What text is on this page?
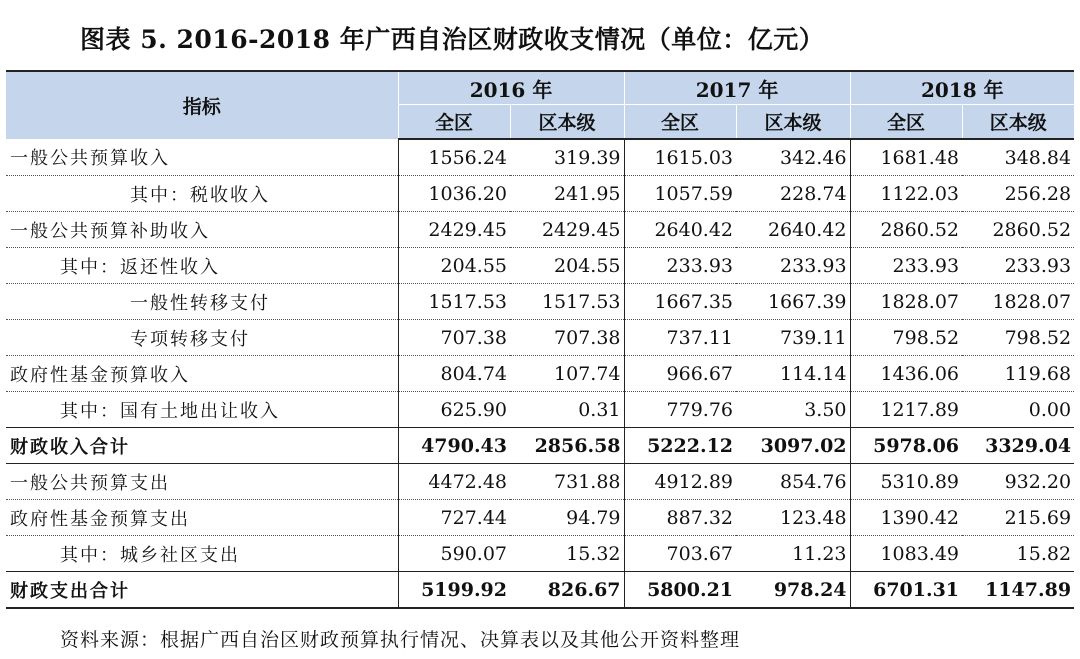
图表 5. 2016-2018 年广西自治区财政收支情况（单位：亿元）
指标	2016 年		2017 年		2018 年	
	全区	区本级	全区	区本级	全区	区本级
一般公共预算收入	1556.24	319.39	1615.03	342.46	1681.48	348.84
其中：税收收入	1036.20	241.95	1057.59	228.74	1122.03	256.28
一般公共预算补助收入	2429.45	2429.45	2640.42	2640.42	2860.52	2860.52
其中：返还性收入	204.55	204.55	233.93	233.93	233.93	233.93
一般性转移支付	1517.53	1517.53	1667.35	1667.39	1828.07	1828.07
专项转移支付	707.38	707.38	737.11	739.11	798.52	798.52
政府性基金预算收入	804.74	107.74	966.67	114.14	1436.06	119.68
其中：国有土地出让收入	625.90	0.31	779.76	3.50	1217.89	0.00
财政收入合计	4790.43	2856.58	5222.12	3097.02	5978.06	3329.04
一般公共预算支出	4472.48	731.88	4912.89	854.76	5310.89	932.20
政府性基金预算支出	727.44	94.79	887.32	123.48	1390.42	215.69
其中：城乡社区支出	590.07	15.32	703.67	11.23	1083.49	15.82
财政支出合计	5199.92	826.67	5800.21	978.24	6701.31	1147.89
资料来源：根据广西自治区财政预算执行情况、决算表以及其他公开资料整理
